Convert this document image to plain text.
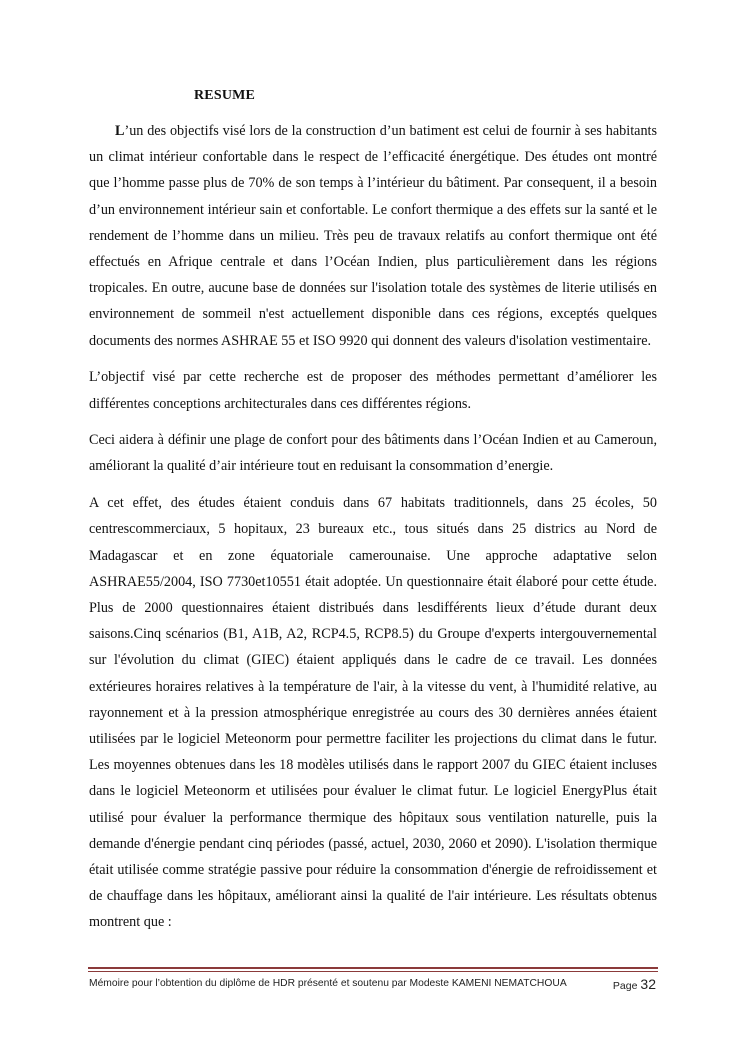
RESUME

L’un des objectifs visé lors de la construction d’un batiment est celui de fournir à ses habitants un climat intérieur confortable dans le respect de l’efficacité énergétique. Des études ont montré que l’homme passe plus de 70% de son temps à l’intérieur du bâtiment. Par consequent, il a besoin d’un environnement intérieur sain et confortable. Le confort thermique a des effets sur la santé et le rendement de l’homme dans un milieu. Très peu de travaux relatifs au confort thermique ont été effectués en Afrique centrale et dans l’Océan Indien, plus particulièrement dans les régions tropicales. En outre, aucune base de données sur l'isolation totale des systèmes de literie utilisés en environnement de sommeil n'est actuellement disponible dans ces régions, exceptés quelques documents des normes ASHRAE 55 et ISO 9920 qui donnent des valeurs d'isolation vestimentaire.

L’objectif visé par cette recherche est de proposer des méthodes permettant d’améliorer les différentes conceptions architecturales dans ces différentes régions.

Ceci aidera à définir une plage de confort pour des bâtiments dans l’Océan Indien et au Cameroun, améliorant la qualité d’air intérieure tout en reduisant la consommation d’energie.

A cet effet, des études étaient conduis dans 67 habitats traditionnels, dans 25 écoles, 50 centrescommerciaux, 5 hopitaux, 23 bureaux etc., tous situés dans 25 districs au Nord de Madagascar et en zone équatoriale camerounaise. Une approche adaptative selon ASHRAE55/2004, ISO 7730et10551 était adoptée. Un questionnaire était élaboré pour cette étude. Plus de 2000 questionnaires étaient distribués dans lesdifférents lieux d’étude durant deux saisons.Cinq scénarios (B1, A1B, A2, RCP4.5, RCP8.5) du Groupe d'experts intergouvernemental sur l'évolution du climat (GIEC) étaient appliqués dans le cadre de ce travail. Les données extérieures horaires relatives à la température de l'air, à la vitesse du vent, à l'humidité relative, au rayonnement et à la pression atmosphérique enregistrée au cours des 30 dernières années étaient utilisées par le logiciel Meteonorm pour permettre faciliter les projections du climat dans le futur. Les moyennes obtenues dans les 18 modèles utilisés dans le rapport 2007 du GIEC étaient incluses dans le logiciel Meteonorm et utilisées pour évaluer le climat futur. Le logiciel EnergyPlus était utilisé pour évaluer la performance thermique des hôpitaux sous ventilation naturelle, puis la demande d'énergie pendant cinq périodes (passé, actuel, 2030, 2060 et 2090). L'isolation thermique était utilisée comme stratégie passive pour réduire la consommation d'énergie de refroidissement et de chauffage dans les hôpitaux, améliorant ainsi la qualité de l'air intérieure. Les résultats obtenus montrent que :

Mémoire pour l’obtention du diplôme de HDR présenté et soutenu par Modeste KAMENI NEMATCHOUA	Page 32
